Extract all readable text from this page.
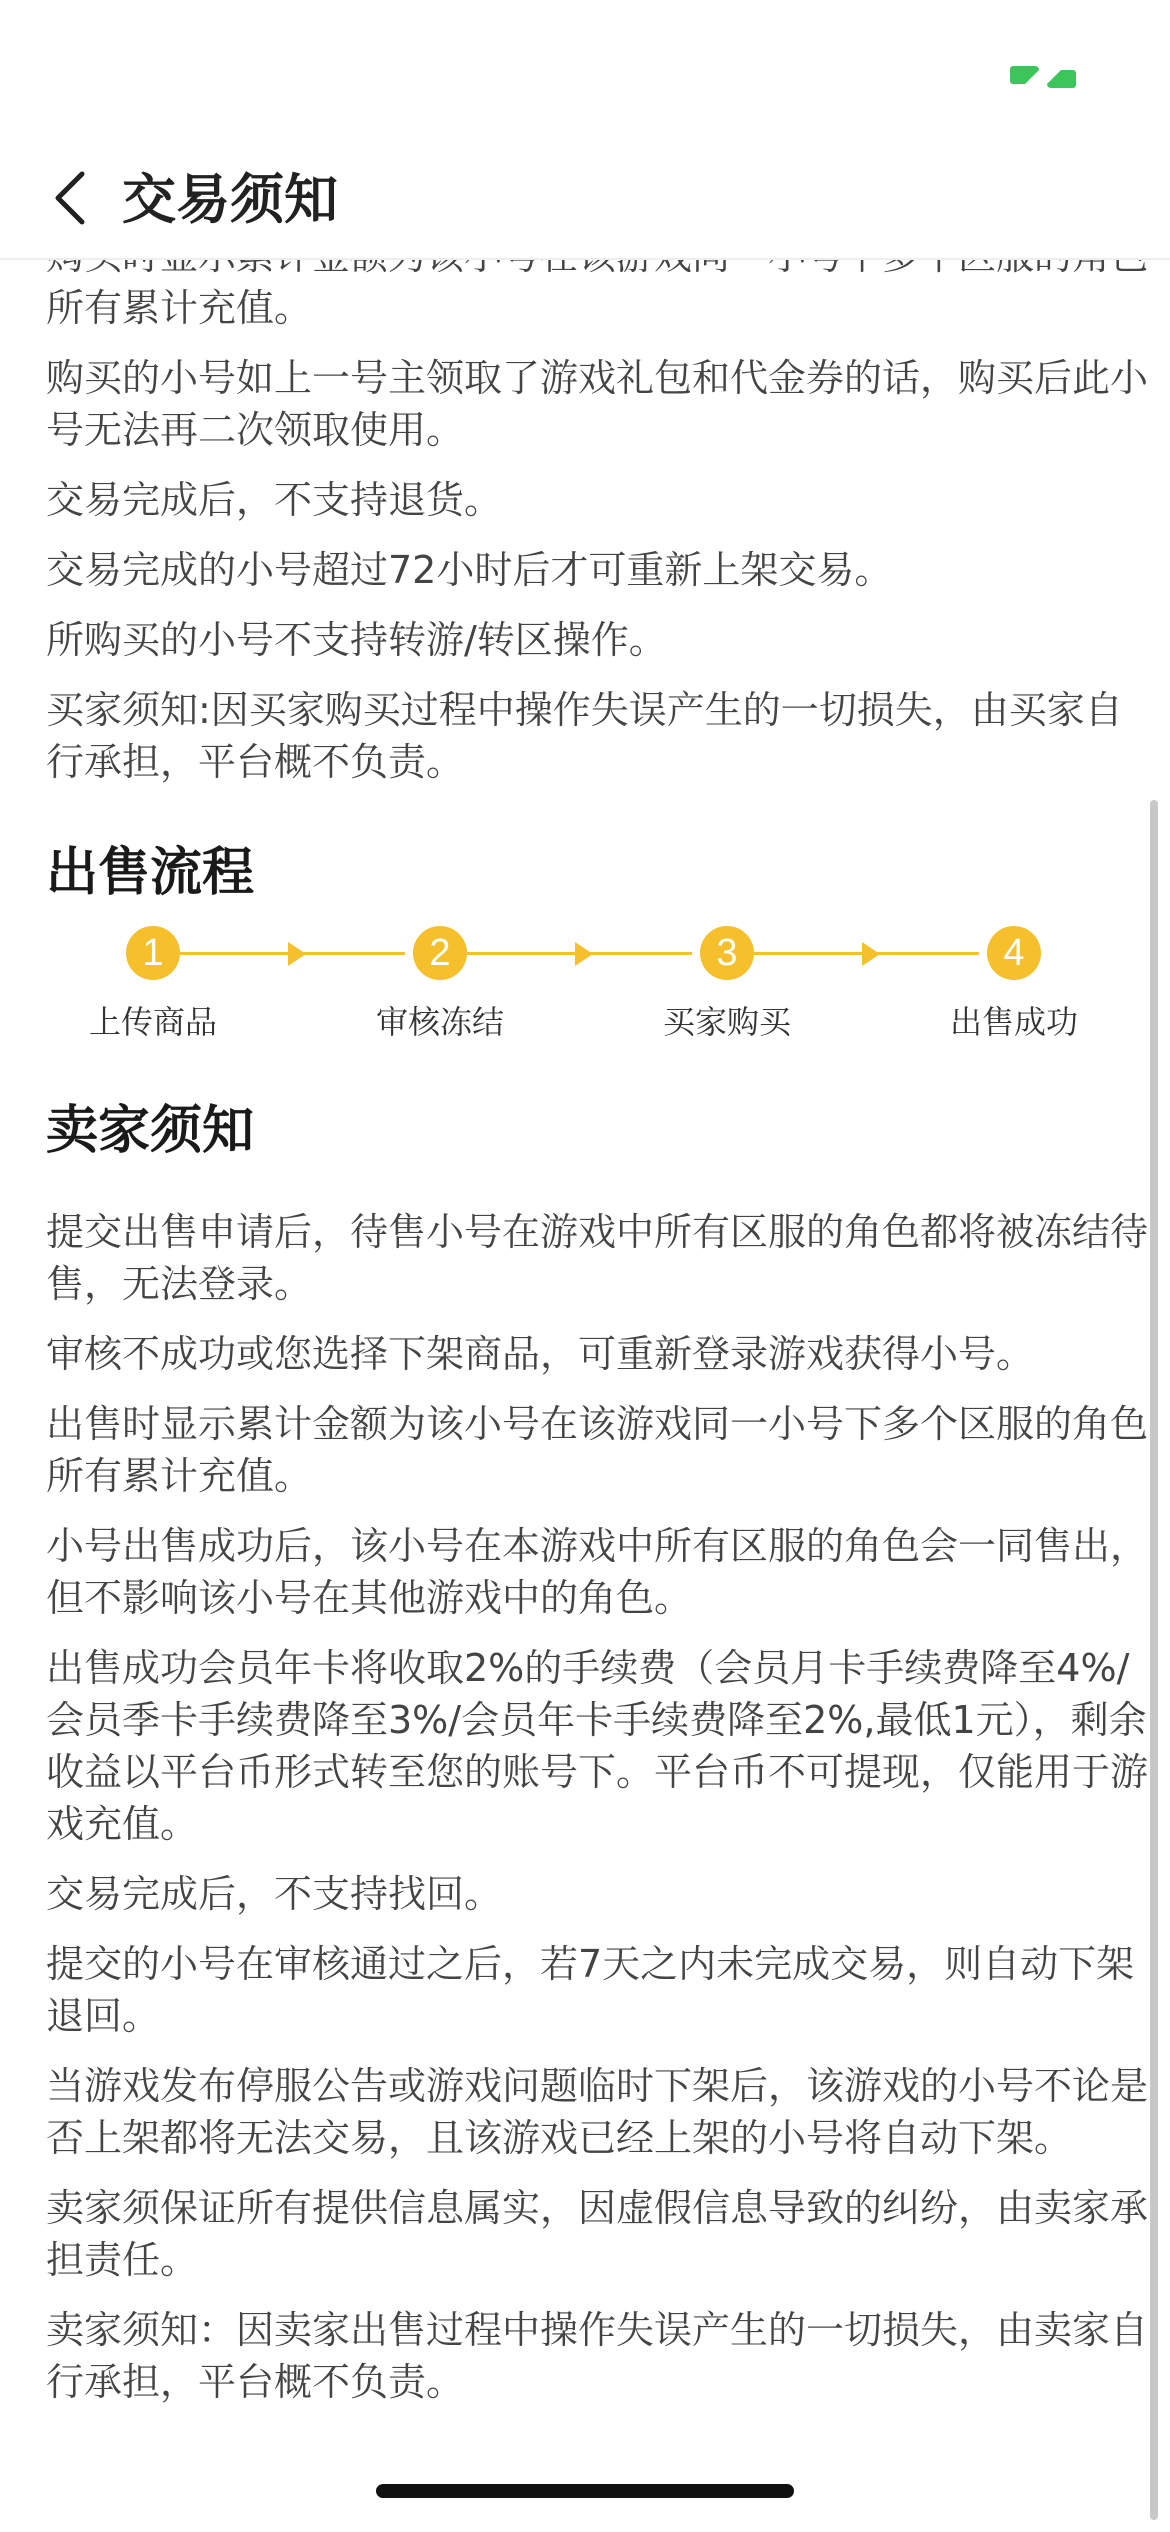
交易须知

所有累计充值。

购买的小号如上一号主领取了游戏礼包和代金券的话，购买后此小号无法再二次领取使用。

交易完成后，不支持退货。

交易完成的小号超过72小时后才可重新上架交易。

所购买的小号不支持转游/转区操作。

买家须知:因买家购买过程中操作失误产生的一切损失，由买家自行承担，平台概不负责。

出售流程
1
上传商品
2
审核冻结
3
买家购买
4
出售成功
卖家须知

提交出售申请后，待售小号在游戏中所有区服的角色都将被冻结待售，无法登录。

审核不成功或您选择下架商品，可重新登录游戏获得小号。

出售时显示累计金额为该小号在该游戏同一小号下多个区服的角色所有累计充值。

小号出售成功后，该小号在本游戏中所有区服的角色会一同售出，但不影响该小号在其他游戏中的角色。

出售成功会员年卡将收取2%的手续费（会员月卡手续费降至4%/会员季卡手续费降至3%/会员年卡手续费降至2%,最低1元），剩余收益以平台币形式转至您的账号下。平台币不可提现，仅能用于游戏充值。

交易完成后，不支持找回。

提交的小号在审核通过之后，若7天之内未完成交易，则自动下架退回。

当游戏发布停服公告或游戏问题临时下架后，该游戏的小号不论是否上架都将无法交易，且该游戏已经上架的小号将自动下架。

卖家须保证所有提供信息属实，因虚假信息导致的纠纷，由卖家承担责任。

卖家须知：因卖家出售过程中操作失误产生的一切损失，由卖家自行承担，平台概不负责。
